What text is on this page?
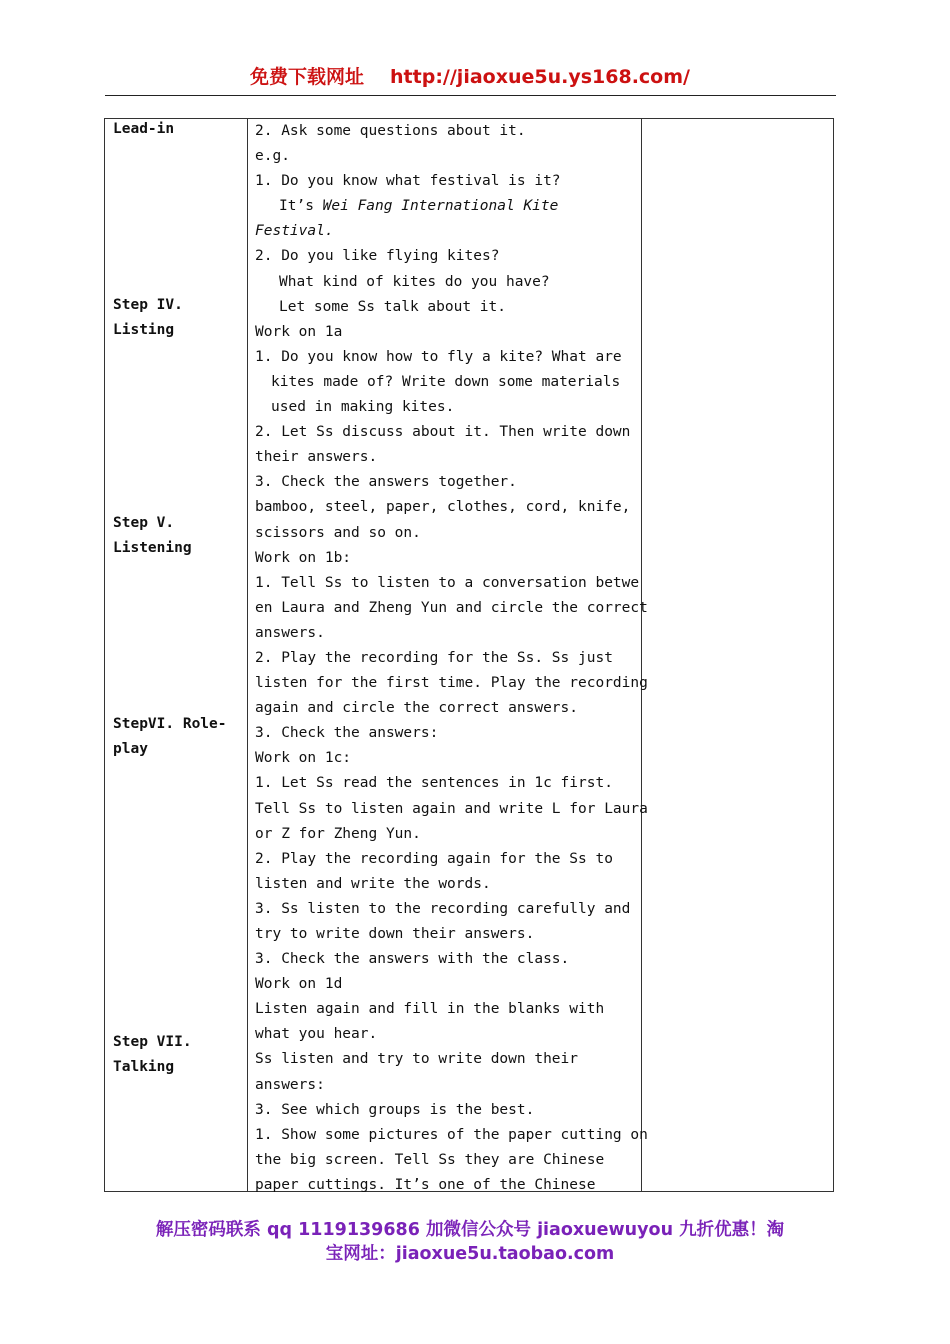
免费下载网址 http://jiaoxue5u.ys168.com/
Lead-in
Step IV.
Listing
Step V.
Listening
StepVI. Role-
play
Step VII.
Talking
2. Ask some questions about it.
e.g.
1. Do you know what festival is it?
It’s Wei Fang International Kite
Festival.
2. Do you like flying kites?
What kind of kites do you have?
Let some Ss talk about it.
Work on 1a
1. Do you know how to fly a kite? What are
kites made of? Write down some materials
used in making kites.
2. Let Ss discuss about it. Then write down
their answers.
3. Check the answers together.
bamboo, steel, paper, clothes, cord, knife,
scissors and so on.
Work on 1b:
1. Tell Ss to listen to a conversation betwe
en Laura and Zheng Yun and circle the correct
answers.
2. Play the recording for the Ss. Ss just
listen for the first time. Play the recording
again and circle the correct answers.
3. Check the answers:
Work on 1c:
1. Let Ss read the sentences in 1c first.
Tell Ss to listen again and write L for Laura
or Z for Zheng Yun.
2. Play the recording again for the Ss to
listen and write the words.
3. Ss listen to the recording carefully and
try to write down their answers.
3. Check the answers with the class.
Work on 1d
Listen again and fill in the blanks with
what you hear.
Ss listen and try to write down their
answers:
3. See which groups is the best.
1. Show some pictures of the paper cutting on
the big screen. Tell Ss they are Chinese
paper cuttings. It’s one of the Chinese
解压密码联系 qq 1119139686 加微信公众号 jiaoxuewuyou 九折优惠！淘
宝网址：jiaoxue5u.taobao.com
